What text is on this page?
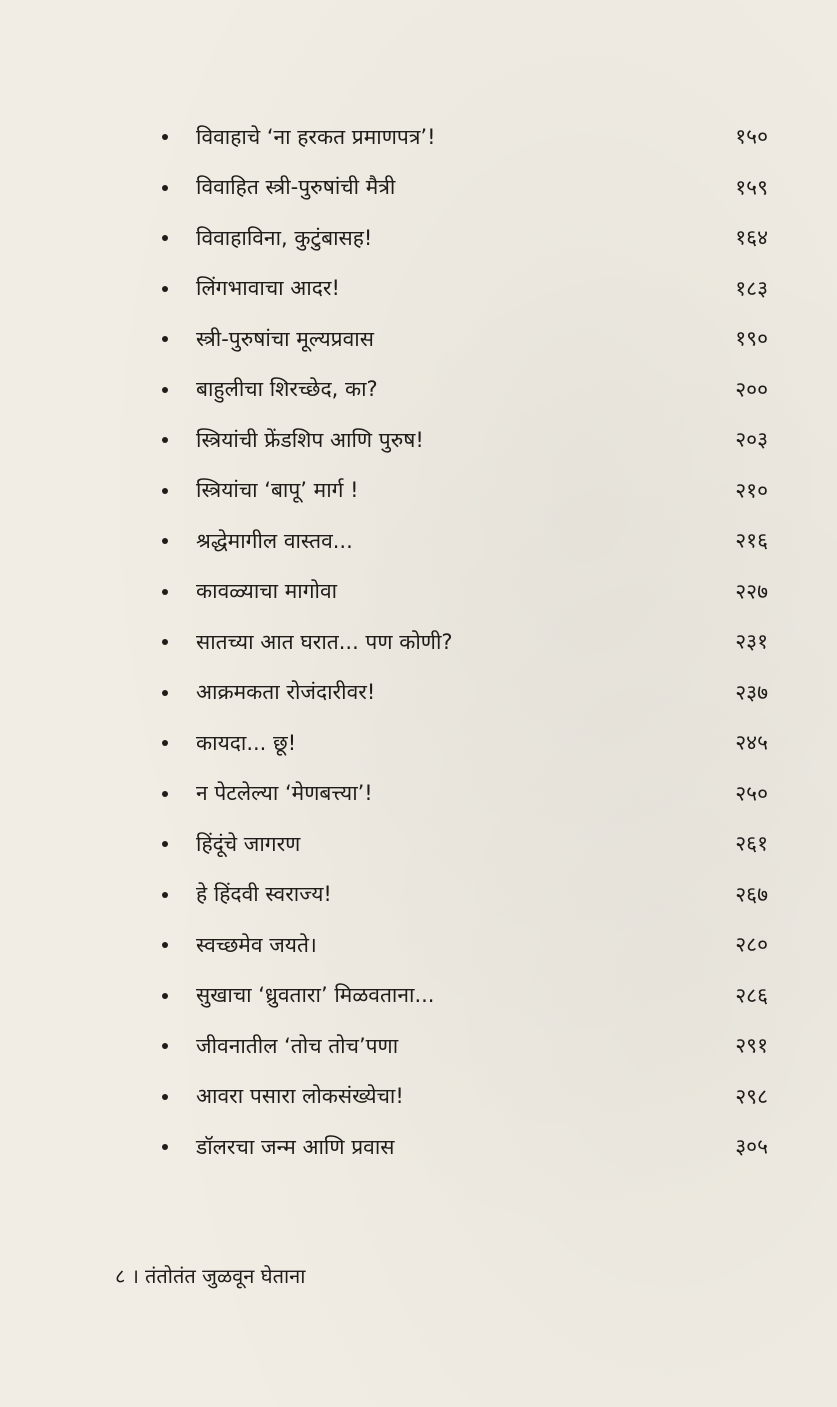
विवाहाचे ‘ना हरकत प्रमाणपत्र’!	१५०
विवाहित स्त्री-पुरुषांची मैत्री	१५९
विवाहाविना, कुटुंबासह!	१६४
लिंगभावाचा आदर!	१८३
स्त्री-पुरुषांचा मूल्यप्रवास	१९०
बाहुलीचा शिरच्छेद, का?	२००
स्त्रियांची फ्रेंडशिप आणि पुरुष!	२०३
स्त्रियांचा ‘बापू’ मार्ग !	२१०
श्रद्धेमागील वास्तव...	२१६
कावळ्याचा मागोवा	२२७
सातच्या आत घरात... पण कोणी?	२३१
आक्रमकता रोजंदारीवर!	२३७
कायदा... छू!	२४५
न पेटलेल्या ‘मेणबत्त्या’!	२५०
हिंदूंचे जागरण	२६१
हे हिंदवी स्वराज्य!	२६७
स्वच्छमेव जयते।	२८०
सुखाचा ‘ध्रुवतारा’ मिळवताना...	२८६
जीवनातील ‘तोच तोच’पणा	२९१
आवरा पसारा लोकसंख्येचा!	२९८
डॉलरचा जन्म आणि प्रवास	३०५
८ । तंतोतंत जुळवून घेताना
